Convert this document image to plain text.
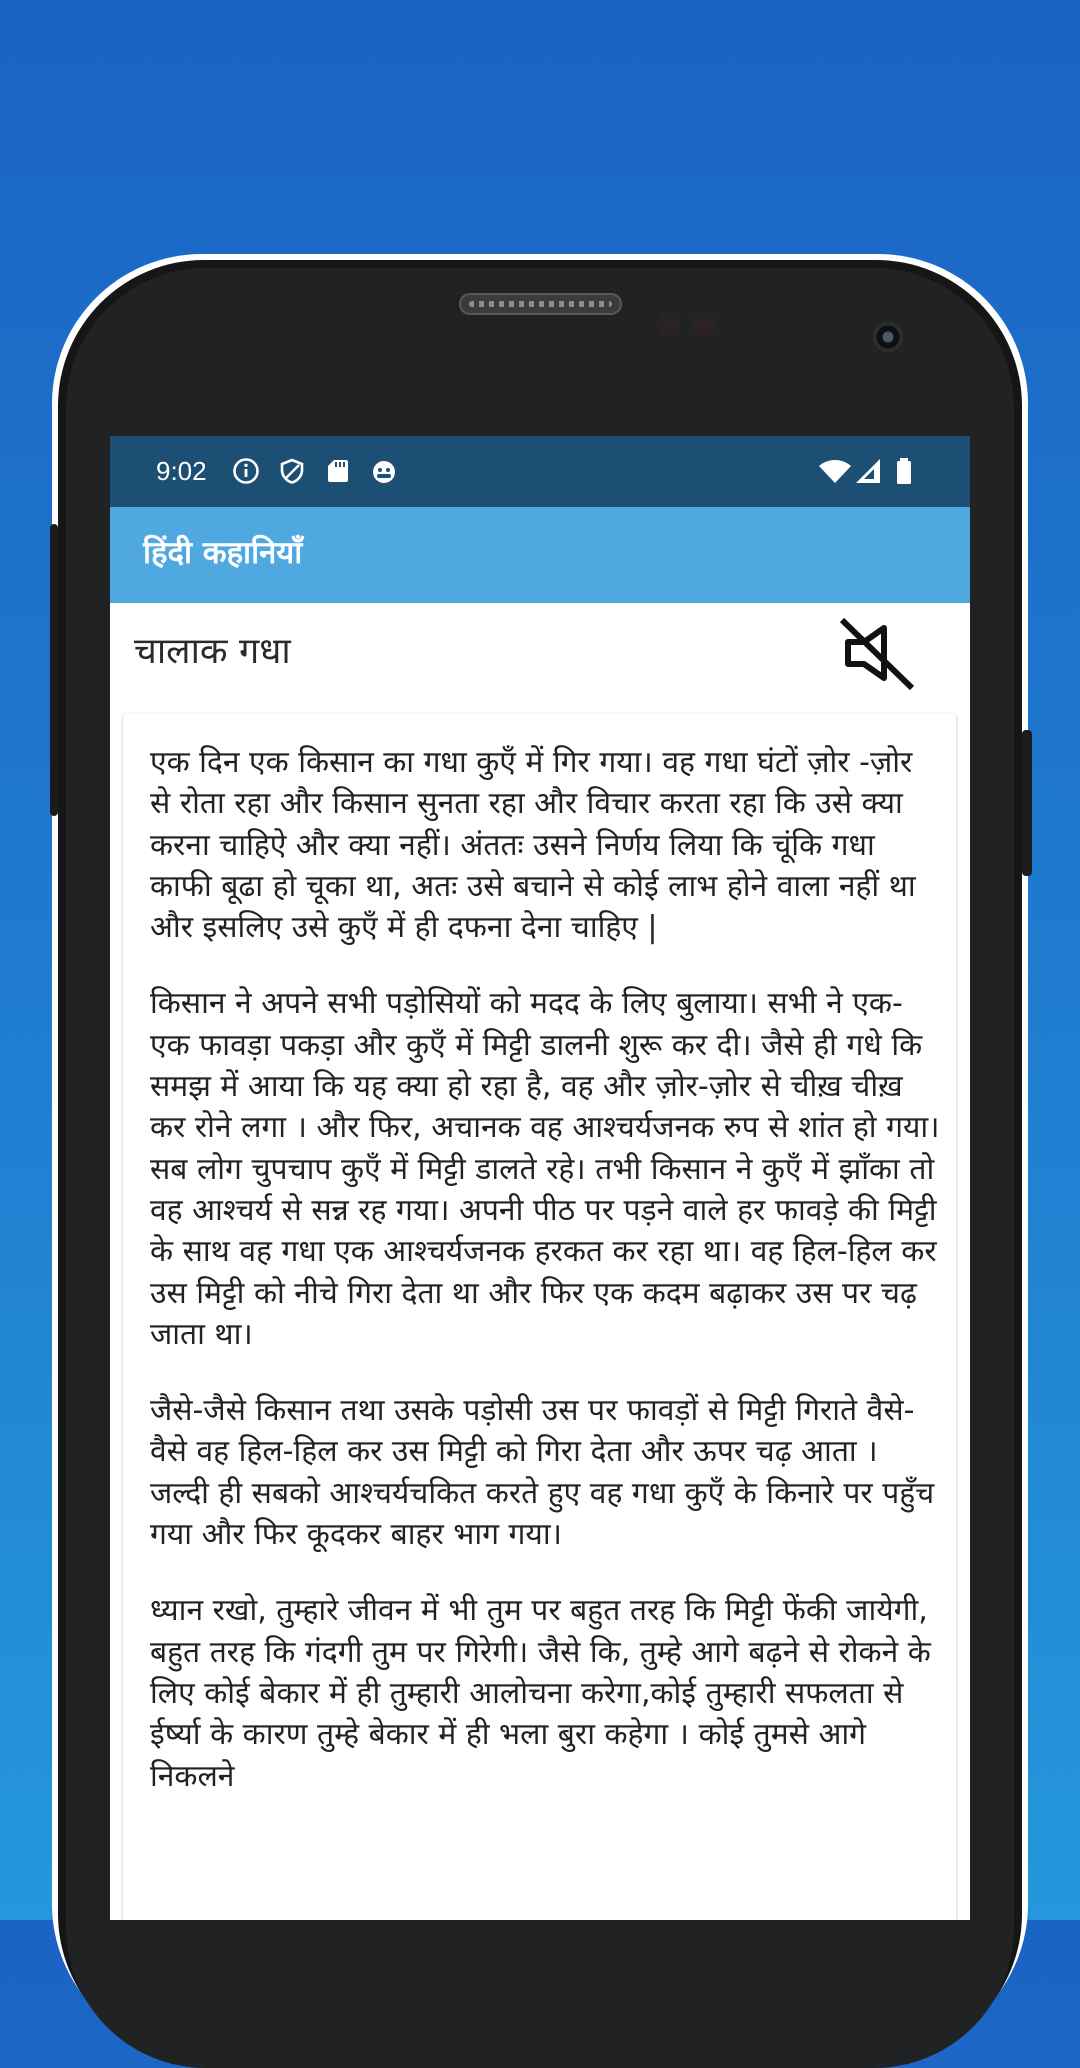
9:02
हिंदी कहानियाँ
चालाक गधा

एक दिन एक किसान का गधा कुएँ में गिर गया। वह गधा घंटों ज़ोर -ज़ोर से रोता रहा और किसान सुनता रहा और विचार करता रहा कि उसे क्या करना चाहिऐ और क्या नहीं। अंततः उसने निर्णय लिया कि चूंकि गधा काफी बूढा हो चूका था, अतः उसे बचाने से कोई लाभ होने वाला नहीं था और इसलिए उसे कुएँ में ही दफना देना चाहिए |

किसान ने अपने सभी पड़ोसियों को मदद के लिए बुलाया। सभी ने एक-एक फावड़ा पकड़ा और कुएँ में मिट्टी डालनी शुरू कर दी। जैसे ही गधे कि समझ में आया कि यह क्या हो रहा है, वह और ज़ोर-ज़ोर से चीख़ चीख़ कर रोने लगा । और फिर, अचानक वह आश्चर्यजनक रुप से शांत हो गया। सब लोग चुपचाप कुएँ में मिट्टी डालते रहे। तभी किसान ने कुएँ में झाँका तो वह आश्चर्य से सन्न रह गया। अपनी पीठ पर पड़ने वाले हर फावड़े की मिट्टी के साथ वह गधा एक आश्चर्यजनक हरकत कर रहा था। वह हिल-हिल कर उस मिट्टी को नीचे गिरा देता था और फिर एक कदम बढ़ाकर उस पर चढ़ जाता था।

जैसे-जैसे किसान तथा उसके पड़ोसी उस पर फावड़ों से मिट्टी गिराते वैसे-वैसे वह हिल-हिल कर उस मिट्टी को गिरा देता और ऊपर चढ़ आता । जल्दी ही सबको आश्चर्यचकित करते हुए वह गधा कुएँ के किनारे पर पहुँच गया और फिर कूदकर बाहर भाग गया।

ध्यान रखो, तुम्हारे जीवन में भी तुम पर बहुत तरह कि मिट्टी फेंकी जायेगी, बहुत तरह कि गंदगी तुम पर गिरेगी। जैसे कि, तुम्हे आगे बढ़ने से रोकने के लिए कोई बेकार में ही तुम्हारी आलोचना करेगा,कोई तुम्हारी सफलता से ईर्ष्या के कारण तुम्हे बेकार में ही भला बुरा कहेगा । कोई तुमसे आगे निकलने
